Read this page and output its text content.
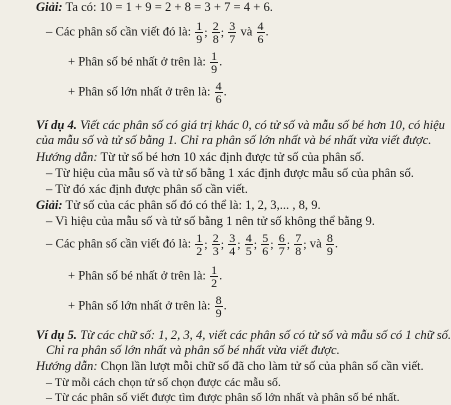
Giải: Ta có: 10 = 1 + 9 = 2 + 8 = 3 + 7 = 4 + 6.
– Các phân số cần viết đó là: $\frac{1}{9}$ ; $\frac{2}{8}$ ; $\frac{3}{7}$ và $\frac{4}{6}$ .
+ Phân số bé nhất ở trên là: $\frac{1}{9}$ .
+ Phân số lớn nhất ở trên là: $\frac{4}{6}$ .
Ví dụ 4. Viết các phân số có giá trị khác 0, có tử số và mẫu số bé hơn 10, có hiệu
của mẫu số và tử số bằng 1. Chỉ ra phân số lớn nhất và bé nhất vừa viết được.
Hướng dẫn: Từ tử số bé hơn 10 xác định được tử số của phân số.
– Từ hiệu của mẫu số và tử số bằng 1 xác định được mẫu số của phân số.
– Từ đó xác định được phân số cần viết.
Giải: Tử số của các phân số đó có thể là: 1, 2, 3,... , 8, 9.
– Vì hiệu của mẫu số và tử số bằng 1 nên tử số không thể bằng 9.
– Các phân số cần viết đó là: $\frac{1}{2}$ ; $\frac{2}{3}$ ; $\frac{3}{4}$ ; $\frac{4}{5}$ ; $\frac{5}{6}$ ; $\frac{6}{7}$ ; $\frac{7}{8}$ ; và $\frac{8}{9}$ .
+ Phân số bé nhất ở trên là: $\frac{1}{2}$ .
+ Phân số lớn nhất ở trên là: $\frac{8}{9}$ .
Ví dụ 5. Từ các chữ số: 1, 2, 3, 4, viết các phân số có tử số và mẫu số có 1 chữ số.
Chỉ ra phân số lớn nhất và phân số bé nhất vừa viết được.
Hướng dẫn: Chọn lần lượt mỗi chữ số đã cho làm tử số của phân số cần viết.
– Từ mỗi cách chọn tử số chọn được các mẫu số.
– Từ các phân số viết được tìm được phân số lớn nhất và phân số bé nhất.
